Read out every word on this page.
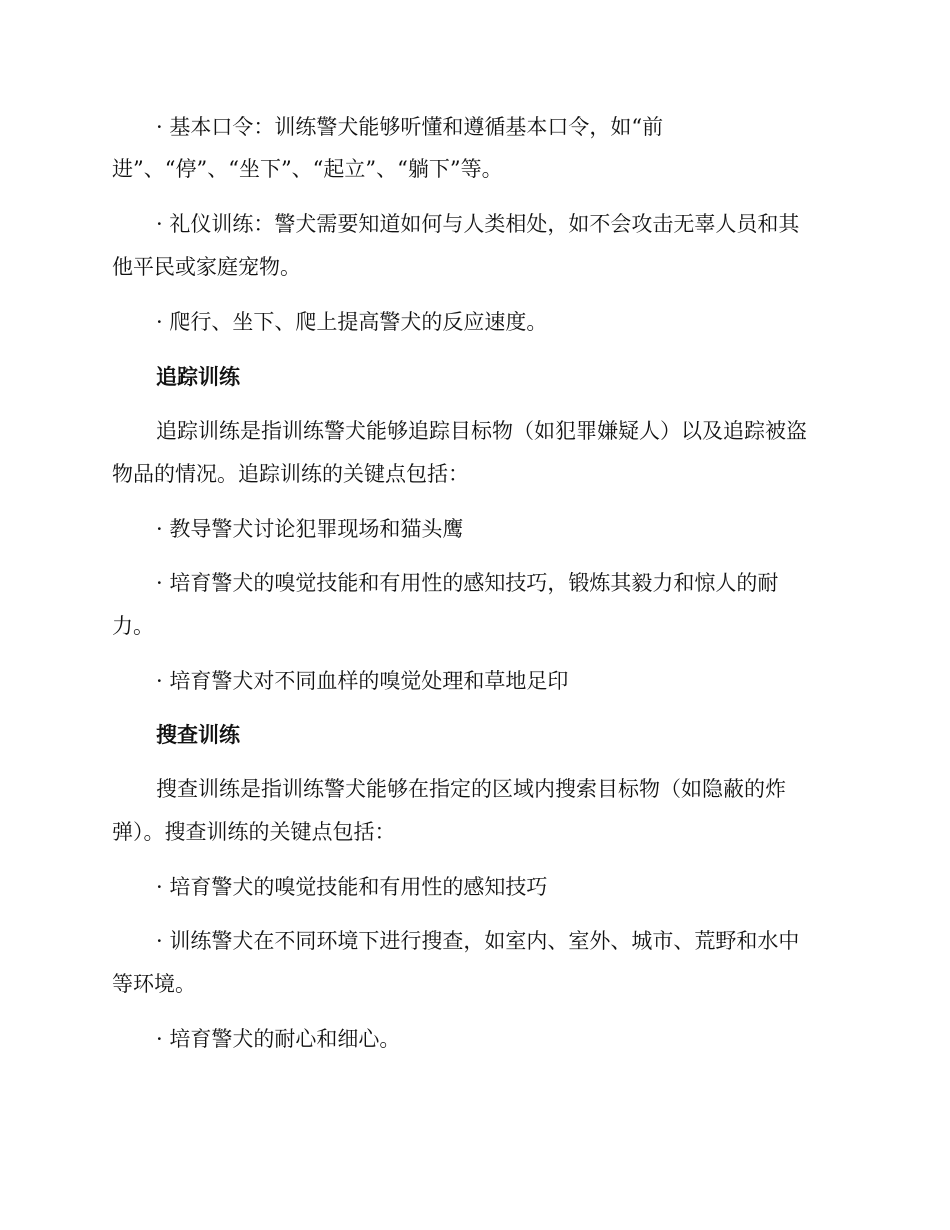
· 基本口令：训练警犬能够听懂和遵循基本口令，如“前
进”、“停”、“坐下”、“起立”、“躺下”等。
· 礼仪训练：警犬需要知道如何与人类相处，如不会攻击无辜人员和其
他平民或家庭宠物。
· 爬行、坐下、爬上提高警犬的反应速度。
追踪训练
追踪训练是指训练警犬能够追踪目标物（如犯罪嫌疑人）以及追踪被盗
物品的情况。追踪训练的关键点包括：
· 教导警犬讨论犯罪现场和猫头鹰
· 培育警犬的嗅觉技能和有用性的感知技巧，锻炼其毅力和惊人的耐
力。
· 培育警犬对不同血样的嗅觉处理和草地足印
搜查训练
搜查训练是指训练警犬能够在指定的区域内搜索目标物（如隐蔽的炸
弹）。搜查训练的关键点包括：
· 培育警犬的嗅觉技能和有用性的感知技巧
· 训练警犬在不同环境下进行搜查，如室内、室外、城市、荒野和水中
等环境。
· 培育警犬的耐心和细心。
